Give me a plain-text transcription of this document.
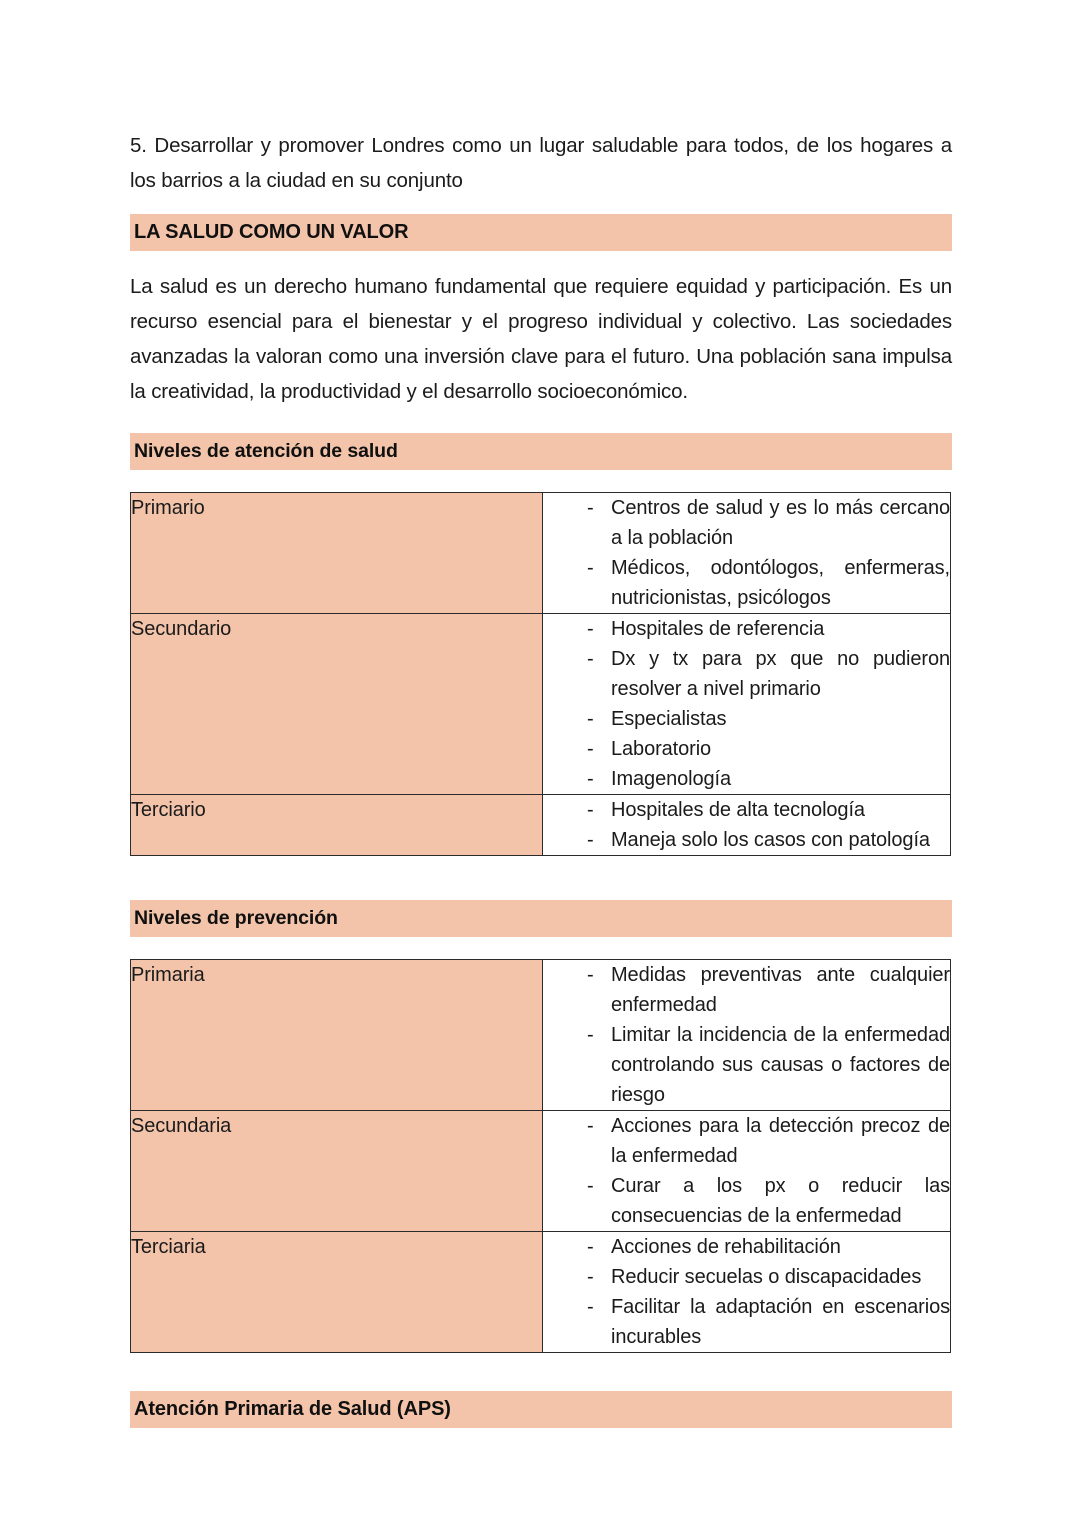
5. Desarrollar y promover Londres como un lugar saludable para todos, de los hogares a los barrios a la ciudad en su conjunto

LA SALUD COMO UN VALOR

La salud es un derecho humano fundamental que requiere equidad y participación. Es un recurso esencial para el bienestar y el progreso individual y colectivo. Las sociedades avanzadas la valoran como una inversión clave para el futuro. Una población sana impulsa la creatividad, la productividad y el desarrollo socioeconómico.

Niveles de atención de salud
Primario	- Centros de salud y es lo más cercano a la población
- Médicos, odontólogos, enfermeras, nutricionistas, psicólogos

Secundario	- Hospitales de referencia
- Dx y tx para px que no pudieron resolver a nivel primario
- Especialistas
- Laboratorio
- Imagenología

Terciario	- Hospitales de alta tecnología
- Maneja solo los casos con patología
Niveles de prevención
Primaria	- Medidas preventivas ante cualquier enfermedad
- Limitar la incidencia de la enfermedad controlando sus causas o factores de riesgo

Secundaria	- Acciones para la detección precoz de la enfermedad
- Curar a los px o reducir las consecuencias de la enfermedad

Terciaria	- Acciones de rehabilitación
- Reducir secuelas o discapacidades
- Facilitar la adaptación en escenarios incurables
Atención Primaria de Salud (APS)
